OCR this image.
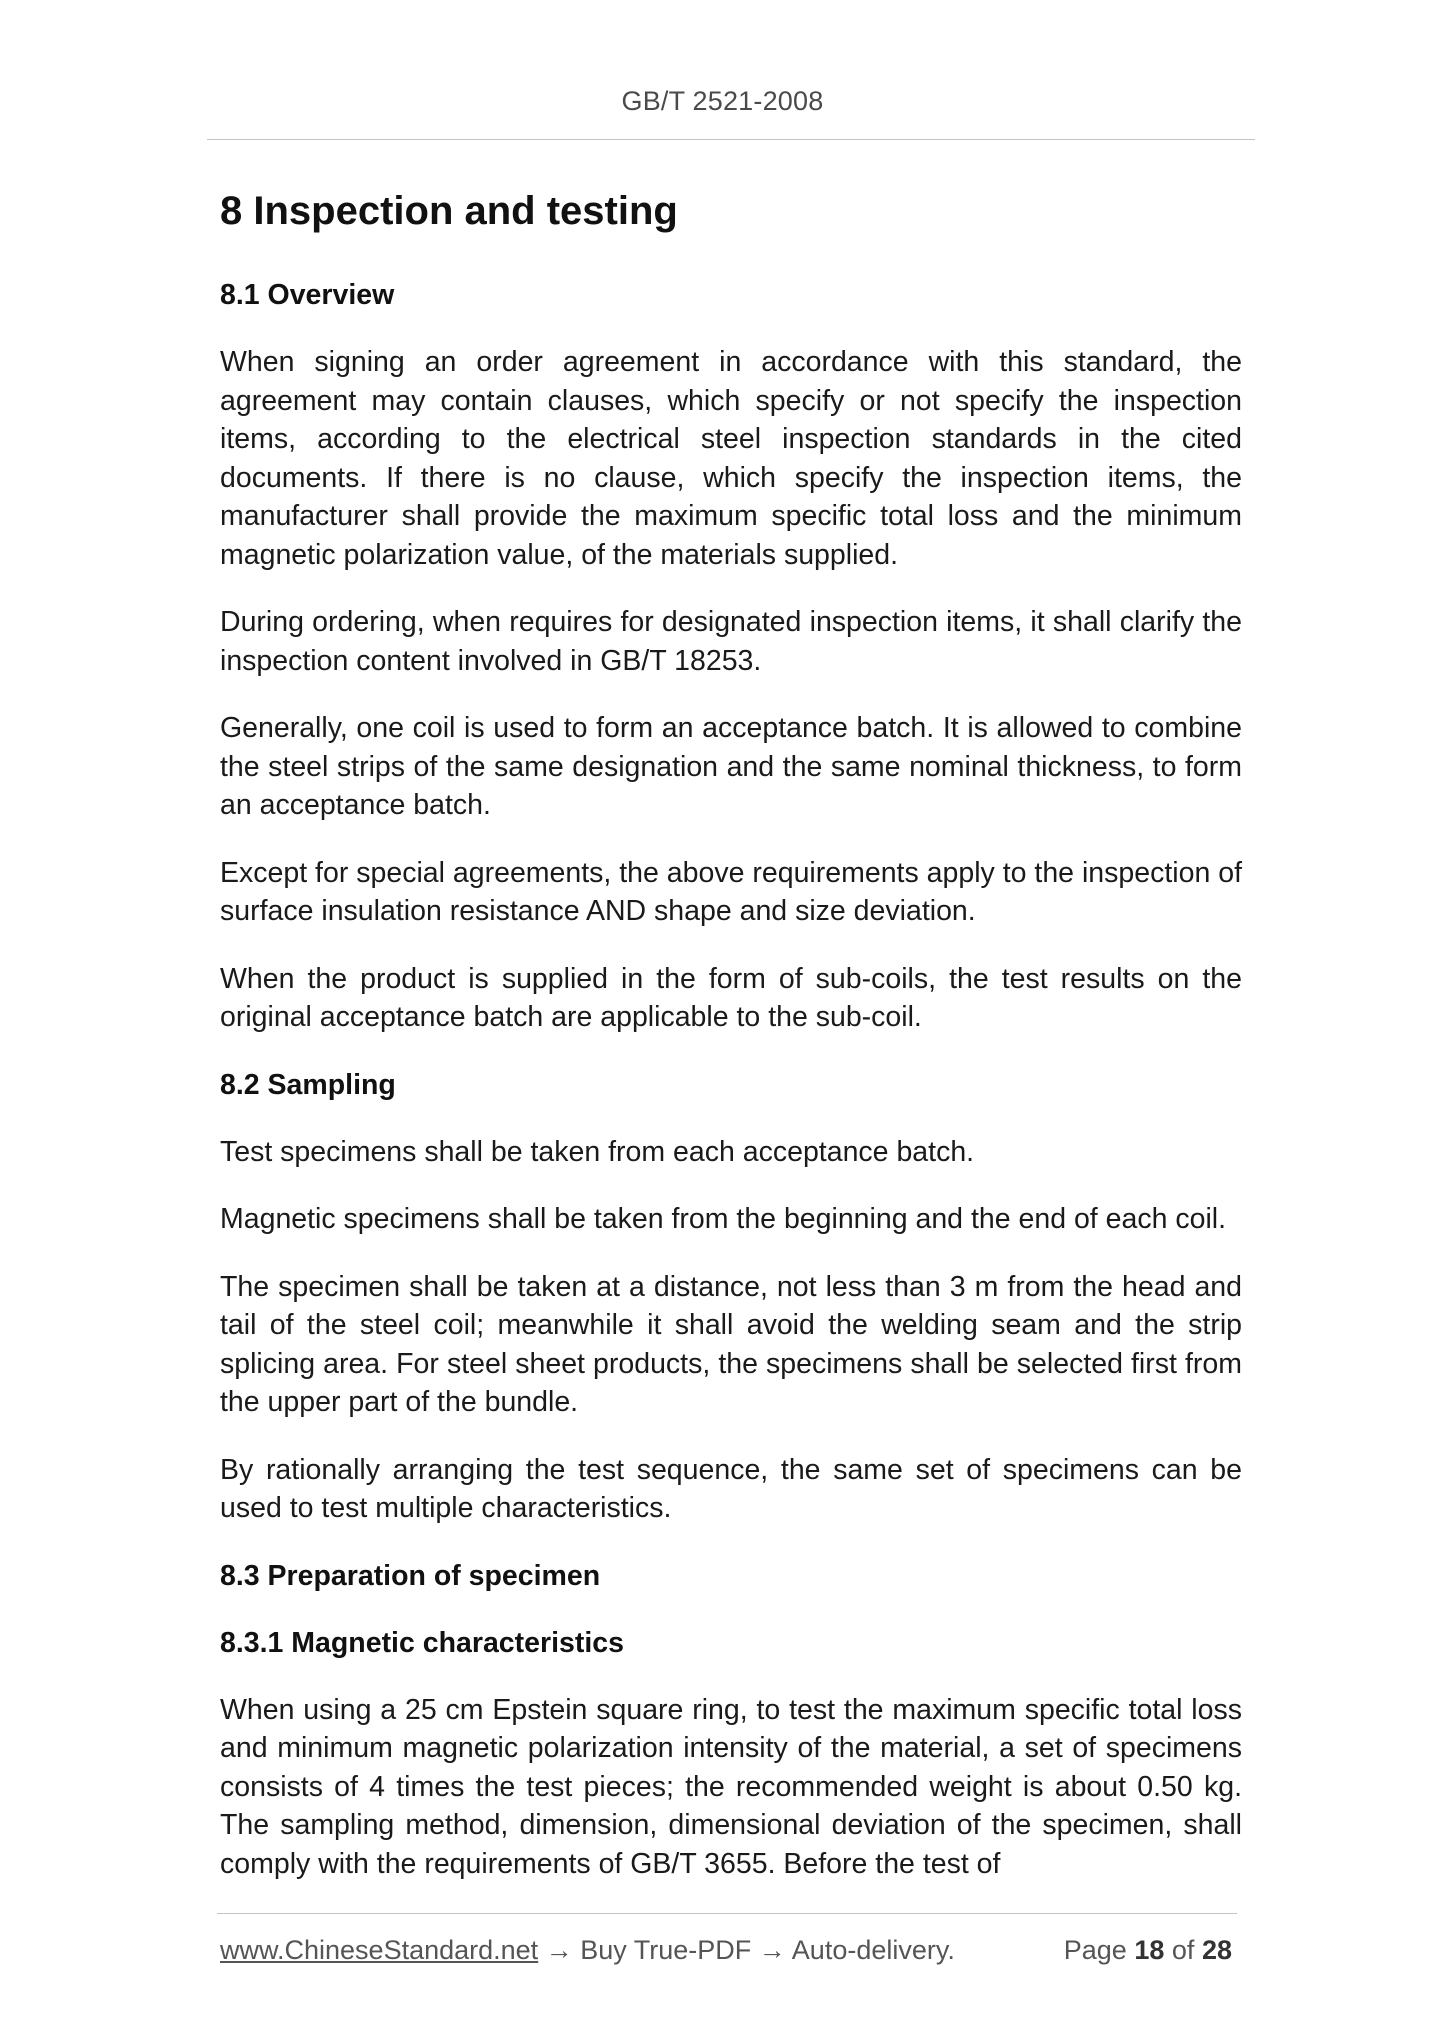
GB/T 2521-2008
8 Inspection and testing
8.1 Overview

When signing an order agreement in accordance with this standard, the agreement may contain clauses, which specify or not specify the inspection items, according to the electrical steel inspection standards in the cited documents. If there is no clause, which specify the inspection items, the manufacturer shall provide the maximum specific total loss and the minimum magnetic polarization value, of the materials supplied.

During ordering, when requires for designated inspection items, it shall clarify the inspection content involved in GB/T 18253.

Generally, one coil is used to form an acceptance batch. It is allowed to combine the steel strips of the same designation and the same nominal thickness, to form an acceptance batch.

Except for special agreements, the above requirements apply to the inspection of surface insulation resistance AND shape and size deviation.

When the product is supplied in the form of sub-coils, the test results on the original acceptance batch are applicable to the sub-coil.

8.2 Sampling

Test specimens shall be taken from each acceptance batch.

Magnetic specimens shall be taken from the beginning and the end of each coil.

The specimen shall be taken at a distance, not less than 3 m from the head and tail of the steel coil; meanwhile it shall avoid the welding seam and the strip splicing area. For steel sheet products, the specimens shall be selected first from the upper part of the bundle.

By rationally arranging the test sequence, the same set of specimens can be used to test multiple characteristics.

8.3 Preparation of specimen
8.3.1 Magnetic characteristics

When using a 25 cm Epstein square ring, to test the maximum specific total loss and minimum magnetic polarization intensity of the material, a set of specimens consists of 4 times the test pieces; the recommended weight is about 0.50 kg. The sampling method, dimension, dimensional deviation of the specimen, shall comply with the requirements of GB/T 3655. Before the test of

www.ChineseStandard.net → Buy True-PDF → Auto-delivery.	Page 18 of 28
